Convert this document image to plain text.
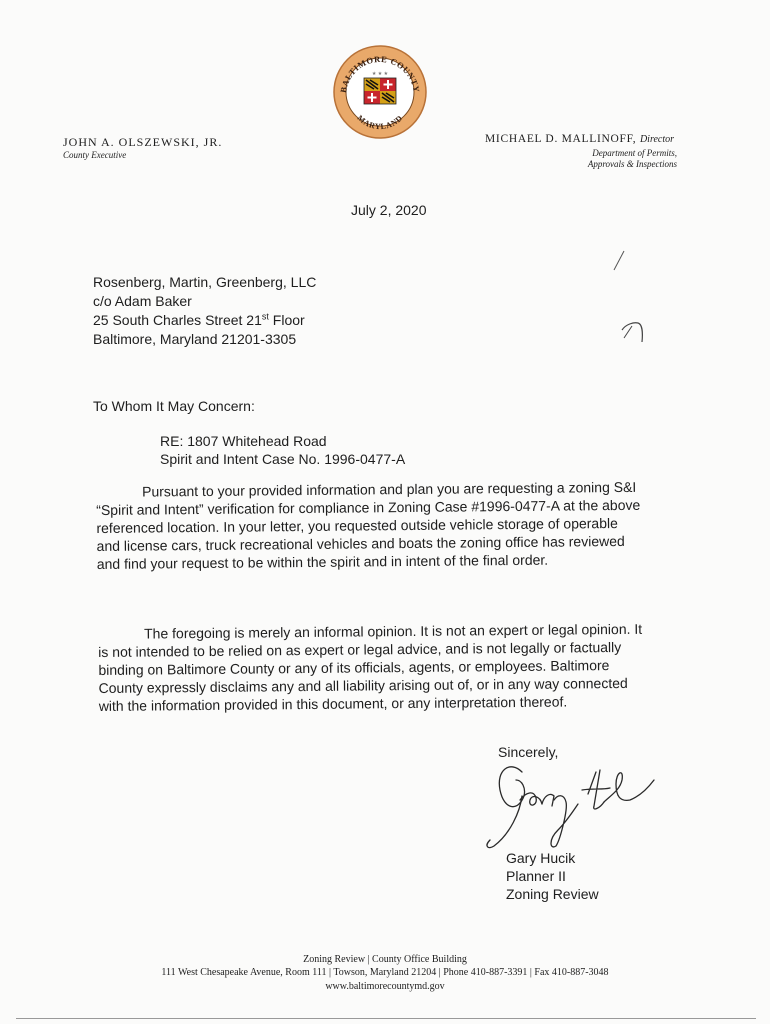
BALTIMORE COUNTY
MARYLAND
★ ★ ★
JOHN A. OLSZEWSKI, JR.
County Executive
MICHAEL D. MALLINOFF, Director
Department of Permits,
Approvals & Inspections
July 2, 2020
Rosenberg, Martin, Greenberg, LLC
c/o Adam Baker
25 South Charles Street 21st Floor
Baltimore, Maryland 21201-3305
To Whom It May Concern:
RE: 1807 Whitehead Road
Spirit and Intent Case No. 1996-0477-A
Pursuant to your provided information and plan you are requesting a zoning S&I
“Spirit and Intent” verification for compliance in Zoning Case #1996-0477-A at the above
referenced location. In your letter, you requested outside vehicle storage of operable
and license cars, truck recreational vehicles and boats the zoning office has reviewed
and find your request to be within the spirit and in intent of the final order.
The foregoing is merely an informal opinion. It is not an expert or legal opinion. It
is not intended to be relied on as expert or legal advice, and is not legally or factually
binding on Baltimore County or any of its officials, agents, or employees. Baltimore
County expressly disclaims any and all liability arising out of, or in any way connected
with the information provided in this document, or any interpretation thereof.
Sincerely,
Gary Hucik
Planner II
Zoning Review
Zoning Review | County Office Building
111 West Chesapeake Avenue, Room 111 | Towson, Maryland 21204 | Phone 410-887-3391 | Fax 410-887-3048
www.baltimorecountymd.gov
